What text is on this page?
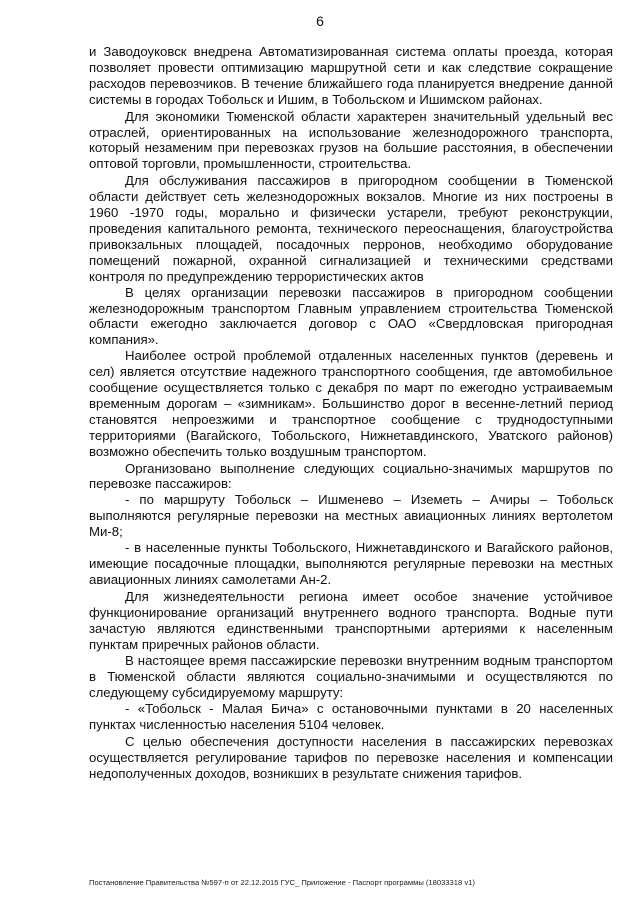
6

и Заводоуковск внедрена Автоматизированная система оплаты проезда, которая позволяет провести оптимизацию маршрутной сети и как следствие сокращение расходов перевозчиков. В течение ближайшего года планируется внедрение данной системы в городах Тобольск и Ишим, в Тобольском и Ишимском районах.

Для экономики Тюменской области характерен значительный удельный вес отраслей, ориентированных на использование железнодорожного транспорта, который незаменим при перевозках грузов на большие расстояния, в обеспечении оптовой торговли, промышленности, строительства.

Для обслуживания пассажиров в пригородном сообщении в Тюменской области действует сеть железнодорожных вокзалов. Многие из них построены в 1960 -1970 годы, морально и физически устарели, требуют реконструкции, проведения капитального ремонта, технического переоснащения, благоустройства привокзальных площадей, посадочных перронов, необходимо оборудование помещений пожарной, охранной сигнализацией и техническими средствами контроля по предупреждению террористических актов

В целях организации перевозки пассажиров в пригородном сообщении железнодорожным транспортом Главным управлением строительства Тюменской области ежегодно заключается договор с ОАО «Свердловская пригородная компания».

Наиболее острой проблемой отдаленных населенных пунктов (деревень и сел) является отсутствие надежного транспортного сообщения, где автомобильное сообщение осуществляется только с декабря по март по ежегодно устраиваемым временным дорогам – «зимникам». Большинство дорог в весенне-летний период становятся непроезжими и транспортное сообщение с труднодоступными территориями (Вагайского, Тобольского, Нижнетавдинского, Уватского районов) возможно обеспечить только воздушным транспортом.

Организовано выполнение следующих социально-значимых маршрутов по перевозке пассажиров:

- по маршруту Тобольск – Ишменево – Иземеть – Ачиры – Тобольск выполняются регулярные перевозки на местных авиационных линиях вертолетом Ми-8;

- в населенные пункты Тобольского, Нижнетавдинского и Вагайского районов, имеющие посадочные площадки, выполняются регулярные перевозки на местных авиационных линиях самолетами Ан-2.

Для жизнедеятельности региона имеет особое значение устойчивое функционирование организаций внутреннего водного транспорта. Водные пути зачастую являются единственными транспортными артериями к населенным пунктам приречных районов области.

В настоящее время пассажирские перевозки внутренним водным транспортом в Тюменской области являются социально-значимыми и осуществляются по следующему субсидируемому маршруту:

- «Тобольск - Малая Бича» с остановочными пунктами в 20 населенных пунктах численностью населения 5104 человек.

С целью обеспечения доступности населения в пассажирских перевозках осуществляется регулирование тарифов по перевозке населения и компенсации недополученных доходов, возникших в результате снижения тарифов.

Постановление Правительства №597-п от 22.12.2015 ГУС_ Приложение - Паспорт программы (18033318 v1)
